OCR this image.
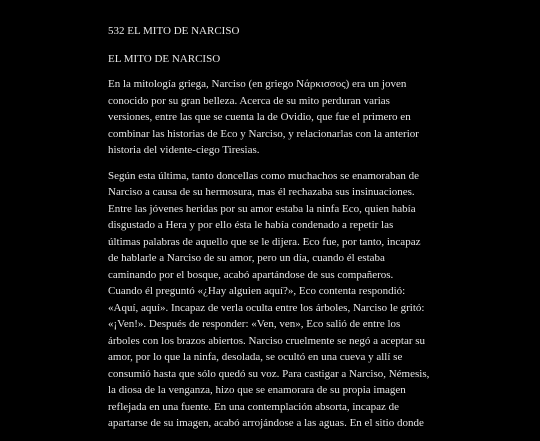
532 EL MITO DE NARCISO
EL MITO DE NARCISO

En la mitología griega, Narciso (en griego Νάρκισσος) era un joven
conocido por su gran belleza. Acerca de su mito perduran varias
versiones, entre las que se cuenta la de Ovidio, que fue el primero en
combinar las historias de Eco y Narciso, y relacionarlas con la anterior
historia del vidente-ciego Tiresias.

Según esta última, tanto doncellas como muchachos se enamoraban de
Narciso a causa de su hermosura, mas él rechazaba sus insinuaciones.
Entre las jóvenes heridas por su amor estaba la ninfa Eco, quien había
disgustado a Hera y por ello ésta le había condenado a repetir las
últimas palabras de aquello que se le dijera. Eco fue, por tanto, incapaz
de hablarle a Narciso de su amor, pero un día, cuando él estaba
caminando por el bosque, acabó apartándose de sus compañeros.
Cuando él preguntó «¿Hay alguien aquí?», Eco contenta respondió:
«Aquí, aquí». Incapaz de verla oculta entre los árboles, Narciso le gritó:
«¡Ven!». Después de responder: «Ven, ven», Eco salió de entre los
árboles con los brazos abiertos. Narciso cruelmente se negó a aceptar su
amor, por lo que la ninfa, desolada, se ocultó en una cueva y allí se
consumió hasta que sólo quedó su voz. Para castigar a Narciso, Némesis,
la diosa de la venganza, hizo que se enamorara de su propia imagen
reflejada en una fuente. En una contemplación absorta, incapaz de
apartarse de su imagen, acabó arrojándose a las aguas. En el sitio donde
